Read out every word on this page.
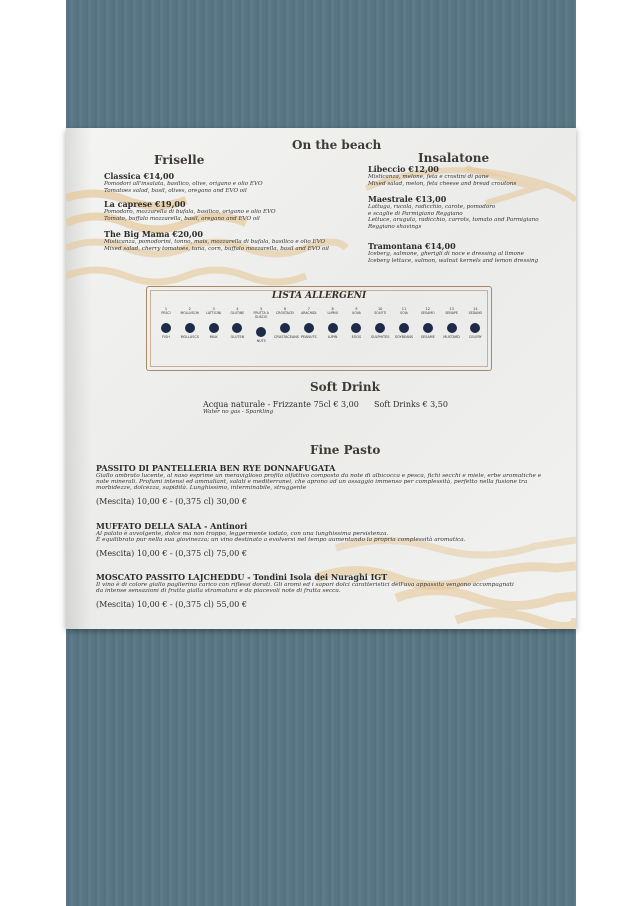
On the beach
Friselle
Classica €14,00
Pomodori all'insalata, basilico, olive, origano e olio EVO
Tomatoes salad, basil, olives, oregano and EVO oil
La caprese €19,00
Pomodoro, mozzarella di bufala, basilico, origano e olio EVO
Tomato, buffalo mozzarella, basil, oregano and EVO oil
The Big Mama €20,00
Misticanza, pomodorini, tonno, mais, mozzarella di bufala, basilico e olio EVO
Mixed salad, cherry tomatoes, tuna, corn, buffalo mozzarella, basil and EVO oil
Insalatone
Libeccio €12,00
Misticanza, melone, feta e crostini di pane
Mixed salad, melon, feta cheese and bread croutons
Maestrale €13,00
Lattuga, rucola, radicchio, carote, pomodoro
e scaglie di Parmigiano Reggiano
Lettuce, arugula, radicchio, carrots, tomato and Parmigiano
Reggiano shavings
Tramontana €14,00
Iceberg, salmone, gherigli di noce e dressing al limone
Iceberg lettuce, salmon, walnut kernels and lemon dressing
LISTA ALLERGENI
1
PESCI
FISH
2
MOLLUSCHI
MOLLUSCS
3
LATTICINI
MILK
4
GLUTINE
GLUTEN
5
FRUTTA A GUSCIO
NUTS
6
CROSTACEI
CRUSTACEANS
7
ARACHIDI
PEANUTS
8
LUPINI
LUPIN
9
UOVA
EGGS
10
SOLFITI
SULPHITES
11
SOIA
SOYBEANS
12
SESAMO
SESAME
13
SENAPE
MUSTARD
14
SEDANO
CELERY
Soft Drink
Acqua naturale - Frizzante 75cl € 3,00
Water no gas - Sparkling
Soft Drinks € 3,50
Fine Pasto
PASSITO DI PANTELLERIA BEN RYE DONNAFUGATA
Giallo ambrato lucente, al naso esprime un meraviglioso profilo olfattivo composto da note di albicocca e pesca, fichi secchi e miele, erbe aromatiche e
note minerali. Profumi intensi ed ammaliant, salati e mediterranei, che aprono ad un assaggio immenso per complessità, perfetto nella fusione tra
morbidezze, dolcezza, sapidità. Lunghissimo, interminabile, struggente
(Mescita) 10,00 € - (0,375 cl) 30,00 €
MUFFATO DELLA SALA - Antinori
Al palato è avvolgente, dolce ma non troppo, leggermente iodato, con una lunghissima persistenza.
È equilibrato pur nella sua giovinezza; un vino destinato a evolversi nel tempo aumentando la propria complessità aromatica.
(Mescita) 10,00 € - (0,375 cl) 75,00 €
MOSCATO PASSITO LAJCHEDDU - Tondini Isola dei Nuraghi IGT
Il vino è di colore giallo paglierino carico con riflessi dorati. Gli aromi ed i sapori dolci caratteristici dell'uva appassita vengono accompagnati
da intense sensazioni di frutta gialla stramatura e da piacevoli note di frutta secca.
(Mescita) 10,00 € - (0,375 cl) 55,00 €
